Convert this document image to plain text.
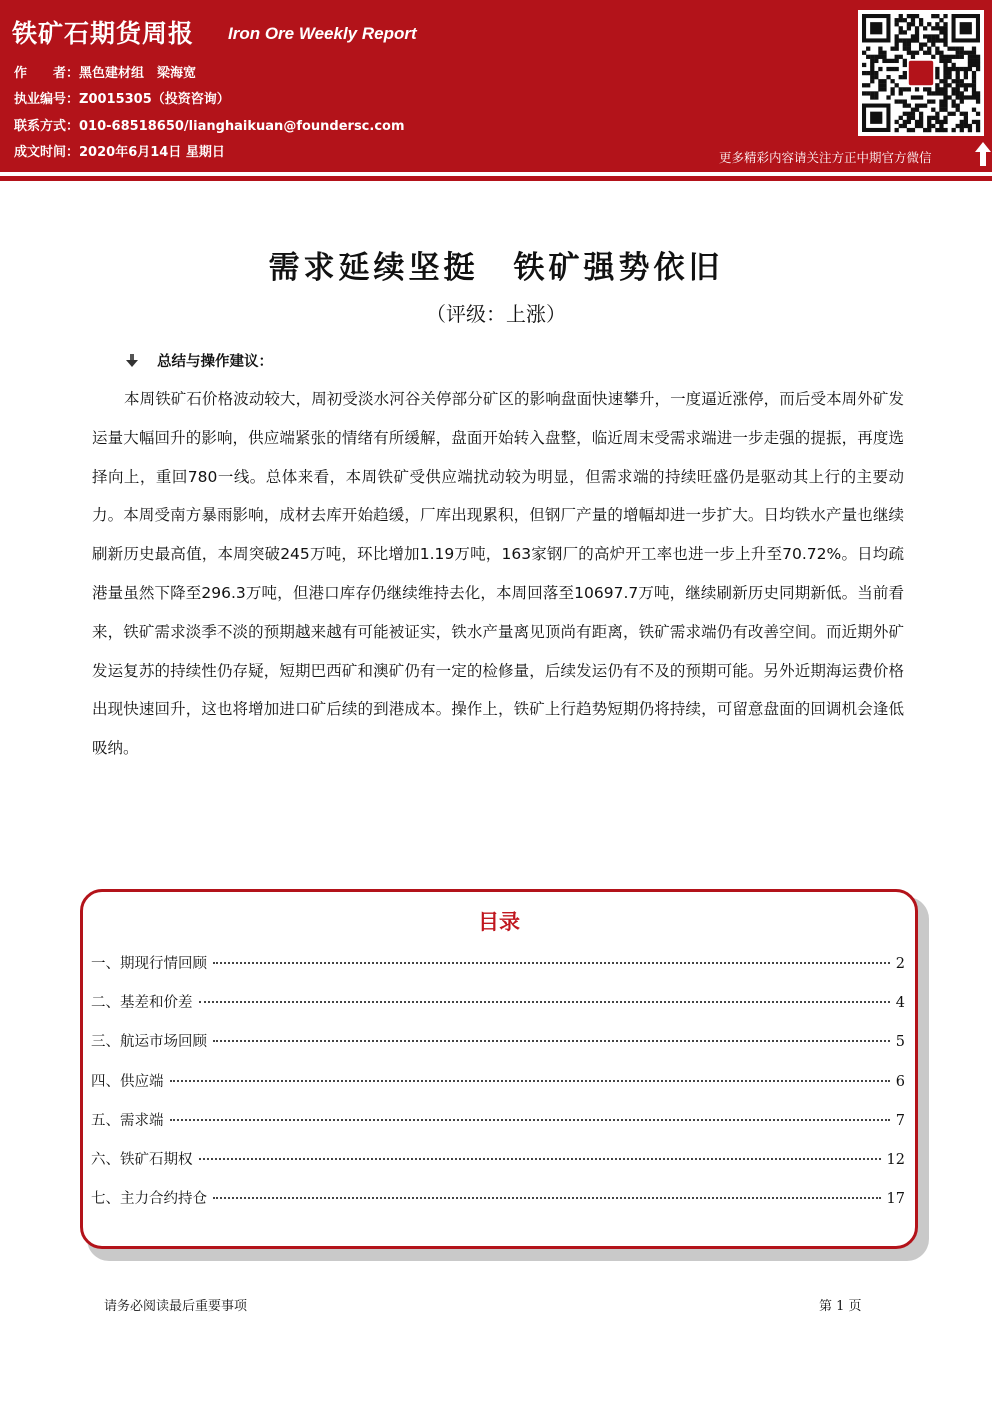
铁矿石期货周报 Iron Ore Weekly Report
作　　者：黑色建材组　梁海宽
执业编号：Z0015305（投资咨询）
联系方式：010-68518650/lianghaikuan@foundersc.com
成文时间：2020年6月14日 星期日	更多精彩内容请关注方正中期官方微信
需求延续坚挺　铁矿强势依旧
（评级：上涨）
总结与操作建议：
本周铁矿石价格波动较大，周初受淡水河谷关停部分矿区的影响盘面快速攀升，一度逼近涨停，而后受本周外矿发运量大幅回升的影响，供应端紧张的情绪有所缓解，盘面开始转入盘整，临近周末受需求端进一步走强的提振，再度选择向上，重回780一线。总体来看，本周铁矿受供应端扰动较为明显，但需求端的持续旺盛仍是驱动其上行的主要动力。本周受南方暴雨影响，成材去库开始趋缓，厂库出现累积，但钢厂产量的增幅却进一步扩大。日均铁水产量也继续刷新历史最高值，本周突破245万吨，环比增加1.19万吨，163家钢厂的高炉开工率也进一步上升至70.72%。日均疏港量虽然下降至296.3万吨，但港口库存仍继续维持去化，本周回落至10697.7万吨，继续刷新历史同期新低。当前看来，铁矿需求淡季不淡的预期越来越有可能被证实，铁水产量离见顶尚有距离，铁矿需求端仍有改善空间。而近期外矿发运复苏的持续性仍存疑，短期巴西矿和澳矿仍有一定的检修量，后续发运仍有不及的预期可能。另外近期海运费价格出现快速回升，这也将增加进口矿后续的到港成本。操作上，铁矿上行趋势短期仍将持续，可留意盘面的回调机会逢低吸纳。
目录
一、期现行情回顾	2
二、基差和价差	4
三、航运市场回顾	5
四、供应端	6
五、需求端	7
六、铁矿石期权	12
七、主力合约持仓	17
请务必阅读最后重要事项	第 1 页
